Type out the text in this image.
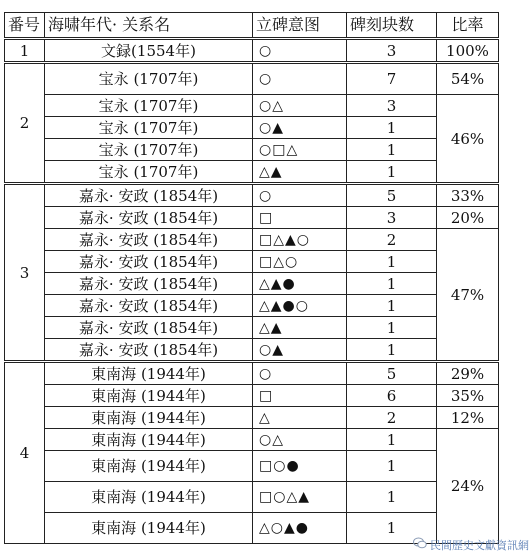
番号	海啸年代· 关系名	立碑意图	碑刻块数	比率
1	文録(1554年)	○	3	100%
2	宝永 (1707年)	○	7	54%
	宝永 (1707年)	○△	3	46%
	宝永 (1707年)	○▲	1	
	宝永 (1707年)	○□△	1	
	宝永 (1707年)	△▲	1	
3	嘉永· 安政 (1854年)	○	5	33%
	嘉永· 安政 (1854年)	□	3	20%
	嘉永· 安政 (1854年)	□△▲○	2	47%
	嘉永· 安政 (1854年)	□△○	1	
	嘉永· 安政 (1854年)	△▲●	1	
	嘉永· 安政 (1854年)	△▲●○	1	
	嘉永· 安政 (1854年)	△▲	1	
	嘉永· 安政 (1854年)	○▲	1	
4	東南海 (1944年)	○	5	29%
	東南海 (1944年)	□	6	35%
	東南海 (1944年)	△	2	12%
	東南海 (1944年)	○△	1	24%
	東南海 (1944年)	□○●	1	
	東南海 (1944年)	□○△▲	1	
	東南海 (1944年)	△○▲●	1	
民間歷史文獻資訊網
